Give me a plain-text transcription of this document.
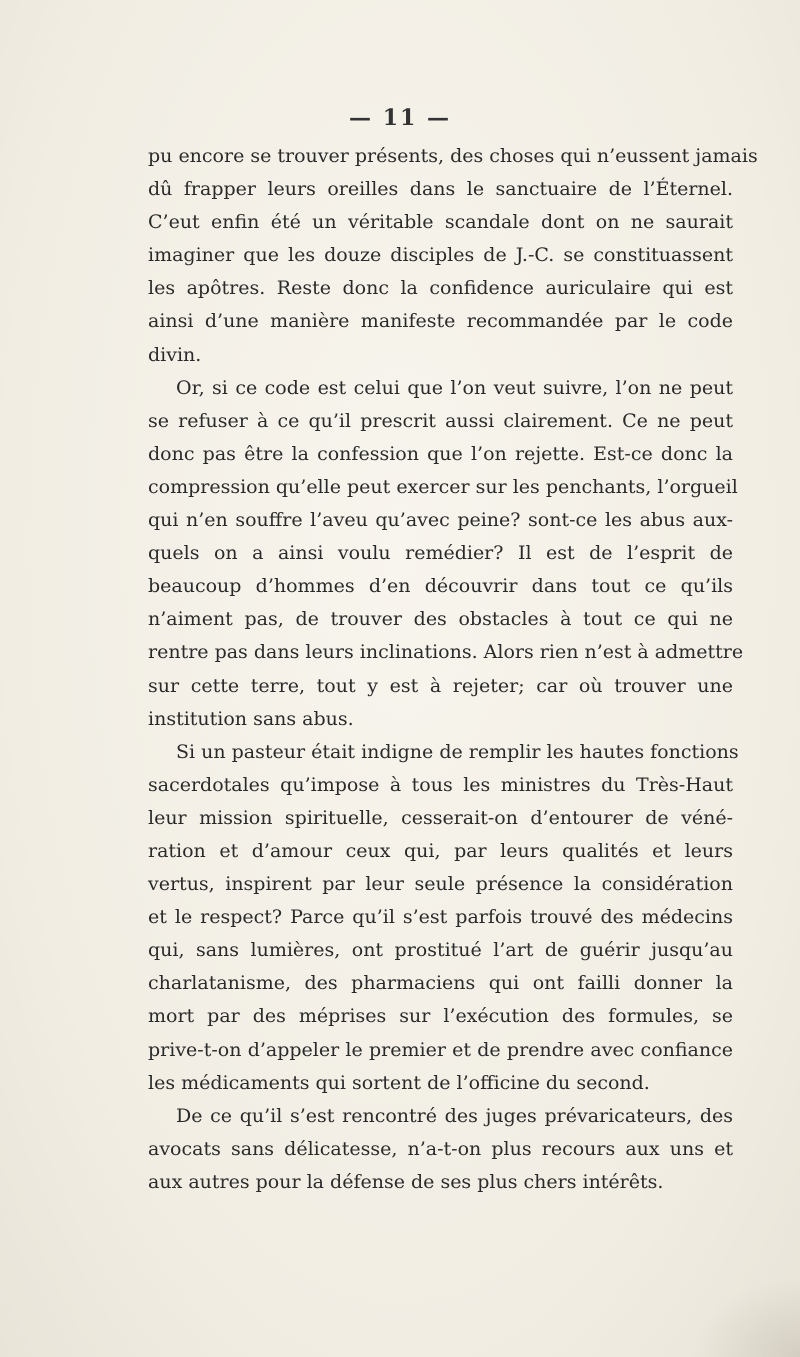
— 11 —
pu encore se trouver présents, des choses qui n’eussent jamais
dû frapper leurs oreilles dans le sanctuaire de l’Éternel.
C’eut enfin été un véritable scandale dont on ne saurait
imaginer que les douze disciples de J.-C. se constituassent
les apôtres. Reste donc la confidence auriculaire qui est
ainsi d’une manière manifeste recommandée par le code
divin.
Or, si ce code est celui que l’on veut suivre, l’on ne peut
se refuser à ce qu’il prescrit aussi clairement. Ce ne peut
donc pas être la confession que l’on rejette. Est-ce donc la
compression qu’elle peut exercer sur les penchants, l’orgueil
qui n’en souffre l’aveu qu’avec peine? sont-ce les abus aux-
quels on a ainsi voulu remédier? Il est de l’esprit de
beaucoup d’hommes d’en découvrir dans tout ce qu’ils
n’aiment pas, de trouver des obstacles à tout ce qui ne
rentre pas dans leurs inclinations. Alors rien n’est à admettre
sur cette terre, tout y est à rejeter; car où trouver une
institution sans abus.
Si un pasteur était indigne de remplir les hautes fonctions
sacerdotales qu’impose à tous les ministres du Très-Haut
leur mission spirituelle, cesserait-on d’entourer de véné-
ration et d’amour ceux qui, par leurs qualités et leurs
vertus, inspirent par leur seule présence la considération
et le respect? Parce qu’il s’est parfois trouvé des médecins
qui, sans lumières, ont prostitué l’art de guérir jusqu’au
charlatanisme, des pharmaciens qui ont failli donner la
mort par des méprises sur l’exécution des formules, se
prive-t-on d’appeler le premier et de prendre avec confiance
les médicaments qui sortent de l’officine du second.
De ce qu’il s’est rencontré des juges prévaricateurs, des
avocats sans délicatesse, n’a-t-on plus recours aux uns et
aux autres pour la défense de ses plus chers intérêts.
